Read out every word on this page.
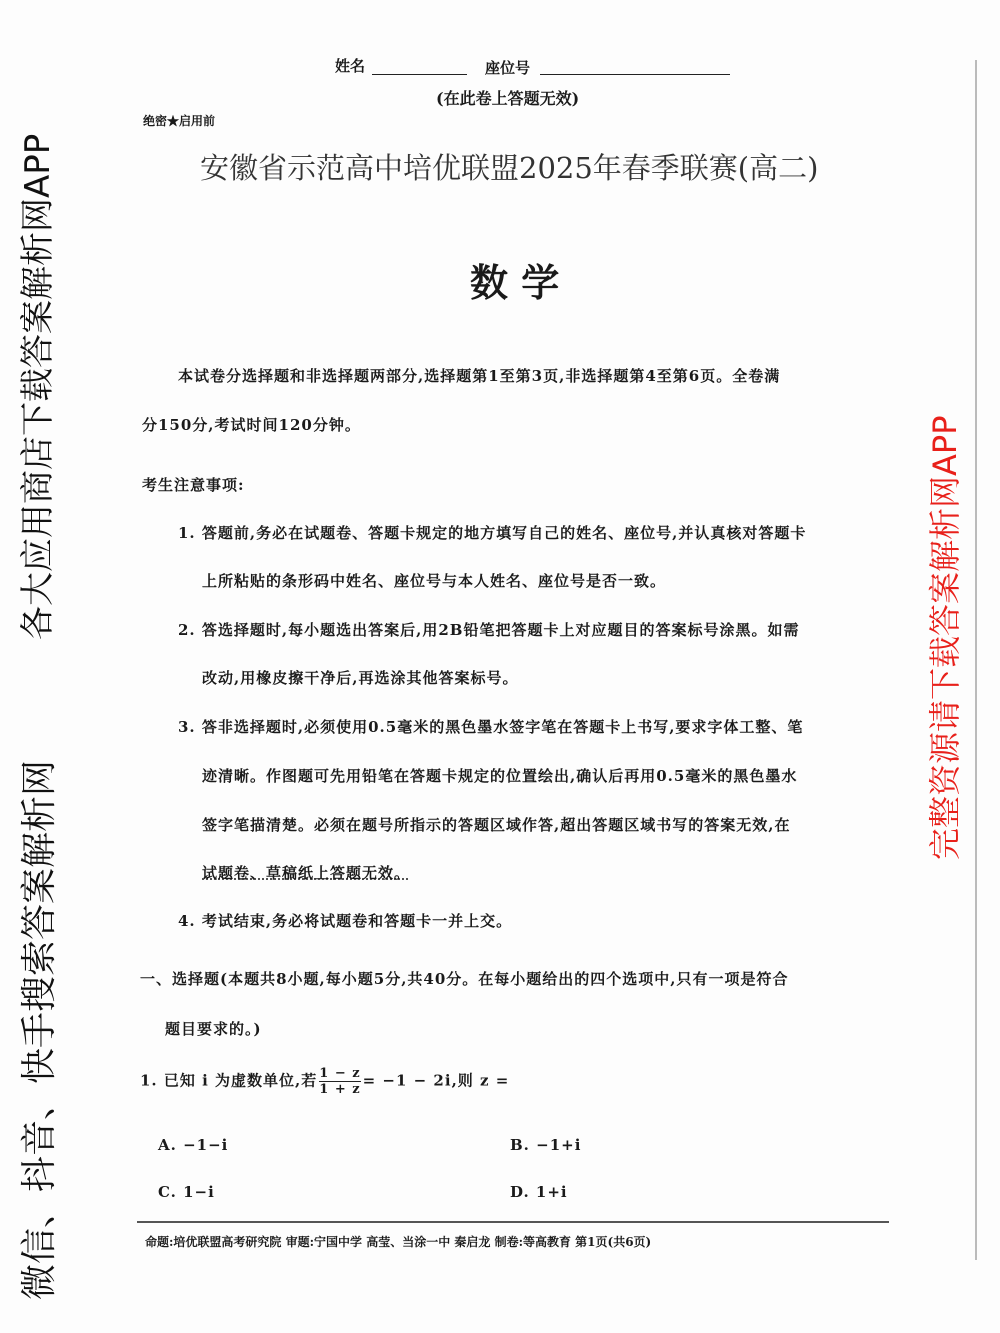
姓名	座位号
(在此卷上答题无效)
绝密★启用前
安徽省示范高中培优联盟2025年春季联赛(高二)
数 学
本试卷分选择题和非选择题两部分,选择题第1至第3页,非选择题第4至第6页。全卷满
分150分,考试时间120分钟。
考生注意事项:
1. 答题前,务必在试题卷、答题卡规定的地方填写自己的姓名、座位号,并认真核对答题卡
上所粘贴的条形码中姓名、座位号与本人姓名、座位号是否一致。
2. 答选择题时,每小题选出答案后,用2B铅笔把答题卡上对应题目的答案标号涂黑。如需
改动,用橡皮擦干净后,再选涂其他答案标号。
3. 答非选择题时,必须使用0.5毫米的黑色墨水签字笔在答题卡上书写,要求字体工整、笔
迹清晰。作图题可先用铅笔在答题卡规定的位置绘出,确认后再用0.5毫米的黑色墨水
签字笔描清楚。必须在题号所指示的答题区域作答,超出答题区域书写的答案无效,在
试题卷、草稿纸上答题无效。
4. 考试结束,务必将试题卷和答题卡一并上交。
一、选择题(本题共8小题,每小题5分,共40分。在每小题给出的四个选项中,只有一项是符合
题目要求的。)
1. 已知 i 为虚数单位,若 $\frac{1 - z}{1 + z} = -1 - 2i$,则 z =
A. −1−i	B. −1+i
C. 1−i	D. 1+i
命题:培优联盟高考研究院 审题:宁国中学 高莹、当涂一中 秦启龙 制卷:等高教育 第1页(共6页)
各大应用商店下载答案解析网APP	完整资源请下载答案解析网APP
微信、抖音、快手搜索答案解析网
